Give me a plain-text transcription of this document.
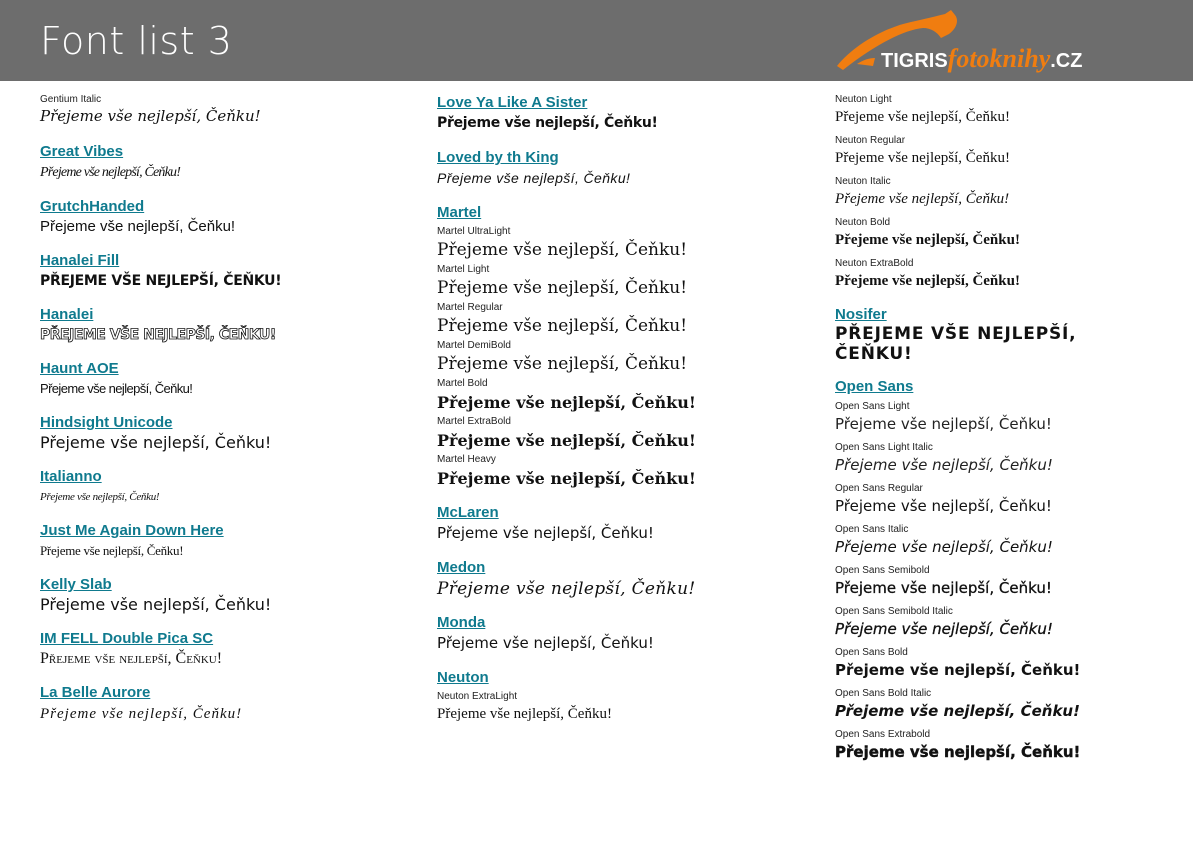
Font list 3	TIGRISfotoknihy.CZ
Gentium Italic
Přejeme vše nejlepší, Čeňku!
Great Vibes
Přejeme vše nejlepší, Čeňku!
GrutchHanded
Přejeme vše nejlepší, Čeňku!
Hanalei Fill
PŘEJEME VŠE NEJLEPŠÍ, ČEŇKU!
Hanalei
PŘEJEME VŠE NEJLEPŠÍ, ČEŇKU!
Haunt AOE
Přejeme vše nejlepší, Čeňku!
Hindsight Unicode
Přejeme vše nejlepší, Čeňku!
Italianno
Přejeme vše nejlepší, Čeňku!
Just Me Again Down Here
Přejeme vše nejlepší, Čeňku!
Kelly Slab
Přejeme vše nejlepší, Čeňku!
IM FELL Double Pica SC
Přejeme vše nejlepší, Čeňku!
La Belle Aurore
Přejeme vše nejlepší, Čeňku!
Love Ya Like A Sister
Přejeme vše nejlepší, Čeňku!
Loved by th King
Přejeme vše nejlepší, Čeňku!
Martel
Martel UltraLight
Přejeme vše nejlepší, Čeňku!
Martel Light
Přejeme vše nejlepší, Čeňku!
Martel Regular
Přejeme vše nejlepší, Čeňku!
Martel DemiBold
Přejeme vše nejlepší, Čeňku!
Martel Bold
Přejeme vše nejlepší, Čeňku!
Martel ExtraBold
Přejeme vše nejlepší, Čeňku!
Martel Heavy
Přejeme vše nejlepší, Čeňku!
McLaren
Přejeme vše nejlepší, Čeňku!
Medon
Přejeme vše nejlepší, Čeňku!
Monda
Přejeme vše nejlepší, Čeňku!
Neuton
Neuton ExtraLight
Přejeme vše nejlepší, Čeňku!
Neuton Light
Přejeme vše nejlepší, Čeňku!
Neuton Regular
Přejeme vše nejlepší, Čeňku!
Neuton Italic
Přejeme vše nejlepší, Čeňku!
Neuton Bold
Přejeme vše nejlepší, Čeňku!
Neuton ExtraBold
Přejeme vše nejlepší, Čeňku!
Nosifer
PŘEJEME VŠE NEJLEPŠÍ, ČEŇKU!
Open Sans
Open Sans Light
Přejeme vše nejlepší, Čeňku!
Open Sans Light Italic
Přejeme vše nejlepší, Čeňku!
Open Sans Regular
Přejeme vše nejlepší, Čeňku!
Open Sans Italic
Přejeme vše nejlepší, Čeňku!
Open Sans Semibold
Přejeme vše nejlepší, Čeňku!
Open Sans Semibold Italic
Přejeme vše nejlepší, Čeňku!
Open Sans Bold
Přejeme vše nejlepší, Čeňku!
Open Sans Bold Italic
Přejeme vše nejlepší, Čeňku!
Open Sans Extrabold
Přejeme vše nejlepší, Čeňku!
